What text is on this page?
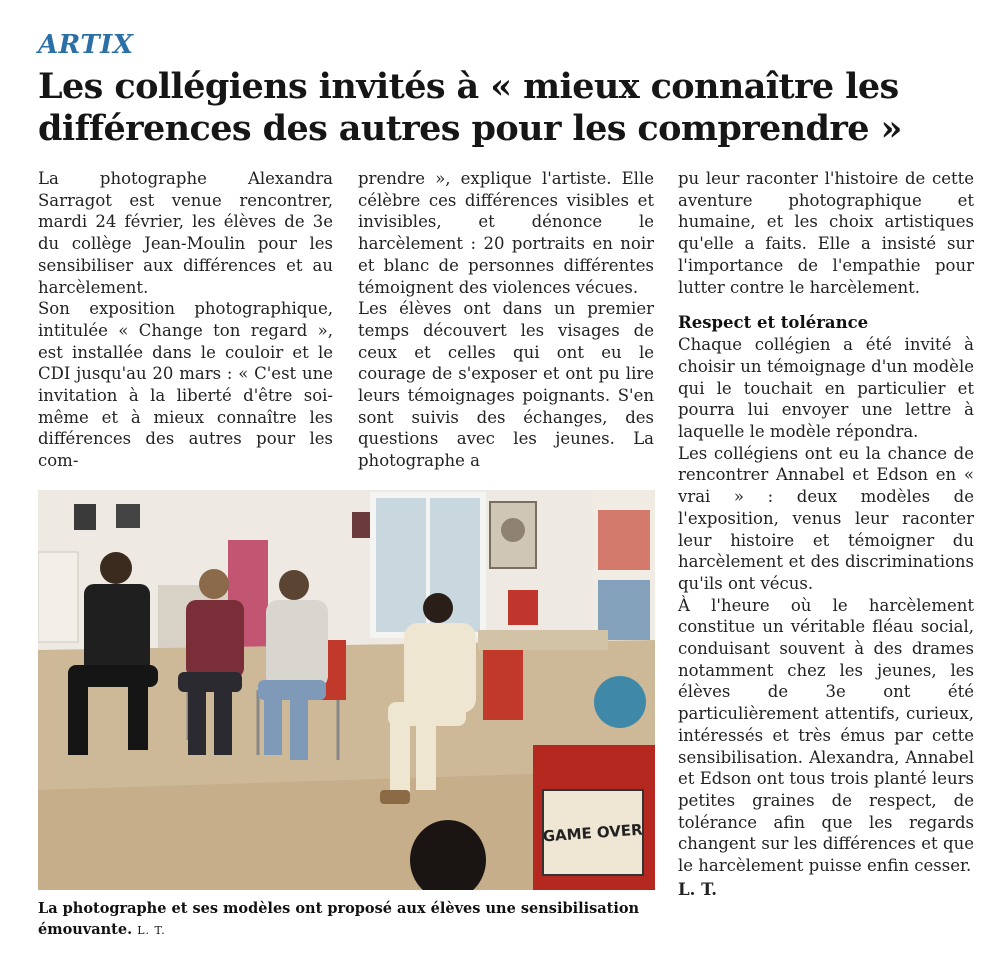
ARTIX
Les collégiens invités à « mieux connaître les différences des autres pour les comprendre »

La photographe Alexandra Sarragot est venue rencontrer, mardi 24 février, les élèves de 3e du collège Jean-Moulin pour les sensibiliser aux différences et au harcèlement.

Son exposition photographique, intitulée « Change ton regard », est installée dans le couloir et le CDI jusqu'au 20 mars : « C'est une invitation à la liberté d'être soi-même et à mieux connaître les différences des autres pour les com-

prendre », explique l'artiste. Elle célèbre ces différences visibles et invisibles, et dénonce le harcèlement : 20 portraits en noir et blanc de personnes différentes témoignent des violences vécues.

Les élèves ont dans un premier temps découvert les visages de ceux et celles qui ont eu le courage de s'exposer et ont pu lire leurs témoignages poignants. S'en sont suivis des échanges, des questions avec les jeunes. La photographe a

pu leur raconter l'histoire de cette aventure photographique et humaine, et les choix artistiques qu'elle a faits. Elle a insisté sur l'importance de l'empathie pour lutter contre le harcèlement.

Respect et tolérance

Chaque collégien a été invité à choisir un témoignage d'un modèle qui le touchait en particulier et pourra lui envoyer une lettre à laquelle le modèle répondra.

Les collégiens ont eu la chance de rencontrer Annabel et Edson en « vrai » : deux modèles de l'exposition, venus leur raconter leur histoire et témoigner du harcèlement et des discriminations qu'ils ont vécus.

À l'heure où le harcèlement constitue un véritable fléau social, conduisant souvent à des drames notamment chez les jeunes, les élèves de 3e ont été particulièrement attentifs, curieux, intéressés et très émus par cette sensibilisation. Alexandra, Annabel et Edson ont tous trois planté leurs petites graines de respect, de tolérance afin que les regards changent sur les différences et que le harcèlement puisse enfin cesser.

L. T.
GAME OVER
La photographe et ses modèles ont proposé aux élèves une sensibilisation émouvante. L. T.
